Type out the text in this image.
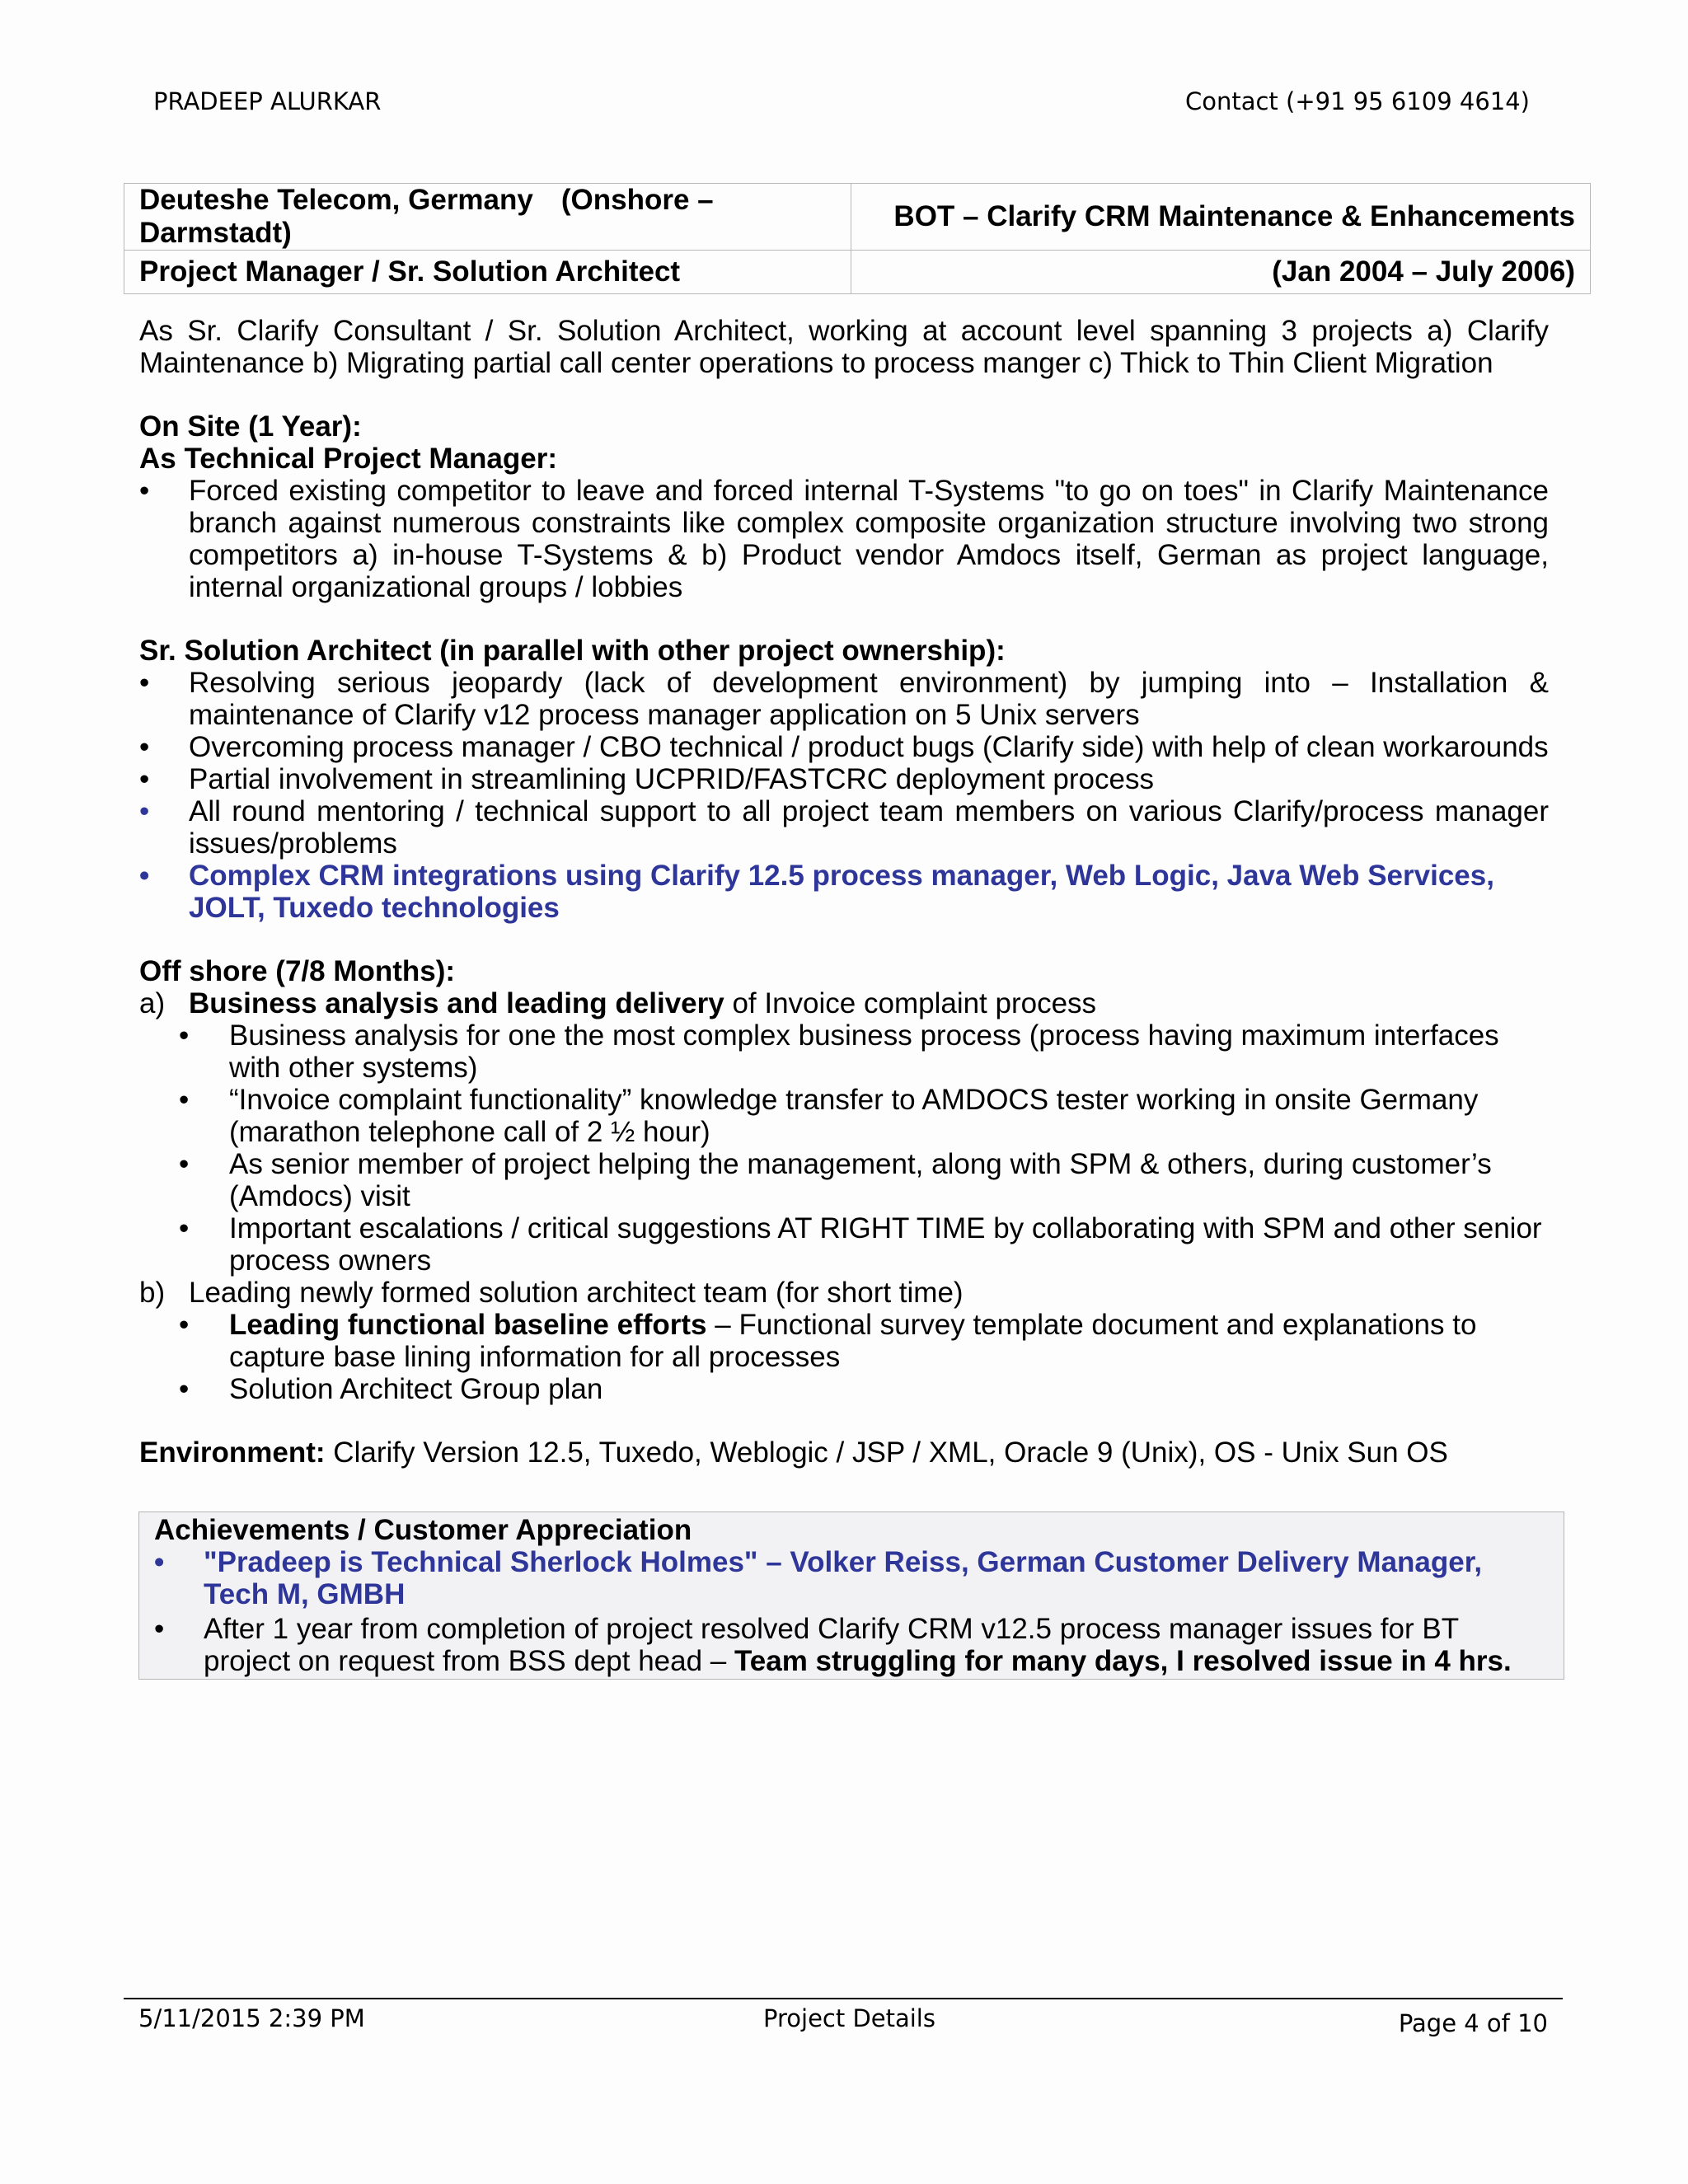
PRADEEP ALURKAR	Contact (+91 95 6109 4614)
Deuteshe Telecom, Germany (Onshore – Darmstadt)	BOT – Clarify CRM Maintenance & Enhancements
Project Manager / Sr. Solution Architect	(Jan 2004 – July 2006)
As Sr. Clarify Consultant / Sr. Solution Architect, working at account level spanning 3 projects a) Clarify Maintenance b) Migrating partial call center operations to process manger c) Thick to Thin Client Migration
On Site (1 Year):
As Technical Project Manager:
• Forced existing competitor to leave and forced internal T-Systems "to go on toes" in Clarify Maintenance branch against numerous constraints like complex composite organization structure involving two strong competitors a) in-house T-Systems & b) Product vendor Amdocs itself, German as project language, internal organizational groups / lobbies
Sr. Solution Architect (in parallel with other project ownership):
• Resolving serious jeopardy (lack of development environment) by jumping into – Installation & maintenance of Clarify v12 process manager application on 5 Unix servers
• Overcoming process manager / CBO technical / product bugs (Clarify side) with help of clean workarounds
• Partial involvement in streamlining UCPRID/FASTCRC deployment process
• All round mentoring / technical support to all project team members on various Clarify/process manager issues/problems
• Complex CRM integrations using Clarify 12.5 process manager, Web Logic, Java Web Services, JOLT, Tuxedo technologies
Off shore (7/8 Months):
a) Business analysis and leading delivery of Invoice complaint process
• Business analysis for one the most complex business process (process having maximum interfaces with other systems)
• “Invoice complaint functionality” knowledge transfer to AMDOCS tester working in onsite Germany (marathon telephone call of 2 ½ hour)
• As senior member of project helping the management, along with SPM & others, during customer’s (Amdocs) visit
• Important escalations / critical suggestions AT RIGHT TIME by collaborating with SPM and other senior process owners
b) Leading newly formed solution architect team (for short time)
• Leading functional baseline efforts – Functional survey template document and explanations to capture base lining information for all processes
• Solution Architect Group plan
Environment: Clarify Version 12.5, Tuxedo, Weblogic / JSP / XML, Oracle 9 (Unix), OS - Unix Sun OS
Achievements / Customer Appreciation
• "Pradeep is Technical Sherlock Holmes" – Volker Reiss, German Customer Delivery Manager, Tech M, GMBH
• After 1 year from completion of project resolved Clarify CRM v12.5 process manager issues for BT project on request from BSS dept head – Team struggling for many days, I resolved issue in 4 hrs.
5/11/2015 2:39 PM	Project Details	Page 4 of 10
